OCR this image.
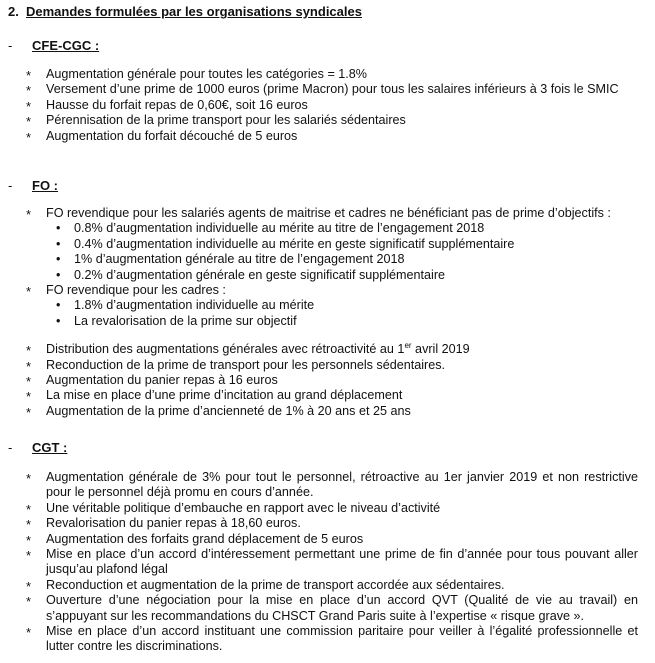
2. Demandes formulées par les organisations syndicales
- CFE-CGC :
* Augmentation générale pour toutes les catégories = 1.8%
* Versement d’une prime de 1000 euros (prime Macron) pour tous les salaires inférieurs à 3 fois le SMIC
* Hausse du forfait repas de 0,60€, soit 16 euros
* Pérennisation de la prime transport pour les salariés sédentaires
* Augmentation du forfait découché de 5 euros
- FO :
* FO revendique pour les salariés agents de maitrise et cadres ne bénéficiant pas de prime d’objectifs :
• 0.8% d’augmentation individuelle au mérite au titre de l’engagement 2018
• 0.4% d’augmentation individuelle au mérite en geste significatif supplémentaire
• 1% d’augmentation générale au titre de l’engagement 2018
• 0.2% d’augmentation générale en geste significatif supplémentaire
* FO revendique pour les cadres :
• 1.8% d’augmentation individuelle au mérite
• La revalorisation de la prime sur objectif
* Distribution des augmentations générales avec rétroactivité au 1er avril 2019
* Reconduction de la prime de transport pour les personnels sédentaires.
* Augmentation du panier repas à 16 euros
* La mise en place d’une prime d’incitation au grand déplacement
* Augmentation de la prime d’ancienneté de 1% à 20 ans et 25 ans
- CGT :
* Augmentation générale de 3% pour tout le personnel, rétroactive au 1er janvier 2019 et non restrictive pour le personnel déjà promu en cours d’année.
* Une véritable politique d’embauche en rapport avec le niveau d’activité
* Revalorisation du panier repas à 18,60 euros.
* Augmentation des forfaits grand déplacement de 5 euros
* Mise en place d’un accord d’intéressement permettant une prime de fin d’année pour tous pouvant aller jusqu’au plafond légal
* Reconduction et augmentation de la prime de transport accordée aux sédentaires.
* Ouverture d’une négociation pour la mise en place d’un accord QVT (Qualité de vie au travail) en s’appuyant sur les recommandations du CHSCT Grand Paris suite à l’expertise « risque grave ».
* Mise en place d’un accord instituant une commission paritaire pour veiller à l’égalité professionnelle et lutter contre les discriminations.
